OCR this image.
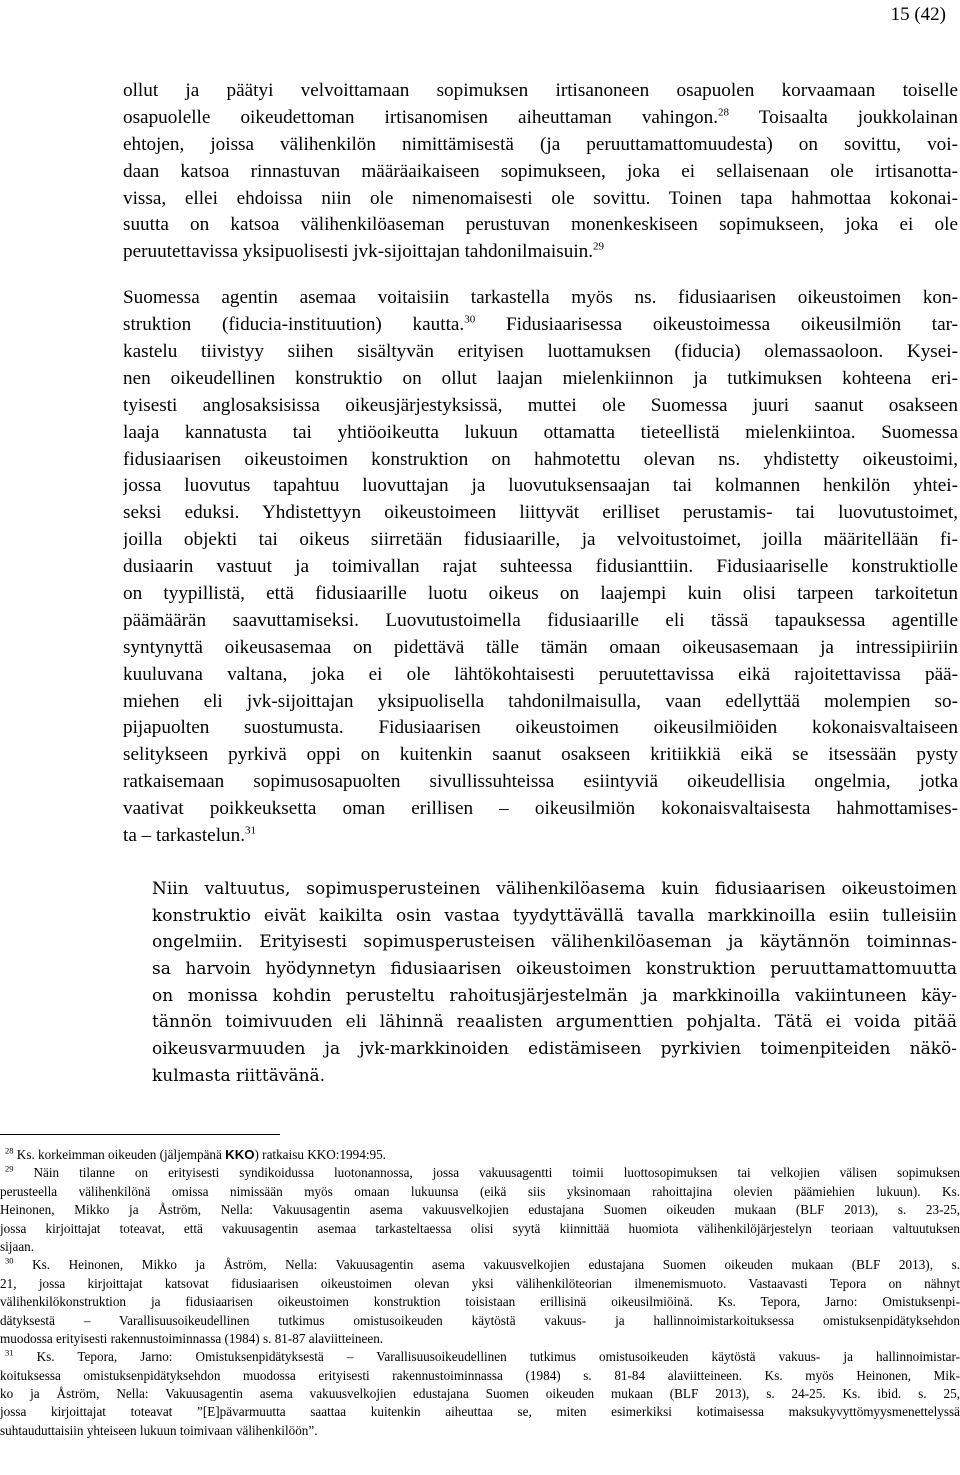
15 (42)
ollut ja päätyi velvoittamaan sopimuksen irtisanoneen osapuolen korvaamaan toiselle
osapuolelle oikeudettoman irtisanomisen aiheuttaman vahingon.$^{28}$ Toisaalta joukkolainan
ehtojen, joissa välihenkilön nimittämisestä (ja peruuttamattomuudesta) on sovittu, voi-
daan katsoa rinnastuvan määräaikaiseen sopimukseen, joka ei sellaisenaan ole irtisanotta-
vissa, ellei ehdoissa niin ole nimenomaisesti ole sovittu. Toinen tapa hahmottaa kokonai-
suutta on katsoa välihenkilöaseman perustuvan monenkeskiseen sopimukseen, joka ei ole
peruutettavissa yksipuolisesti jvk-sijoittajan tahdonilmaisuin.$^{29}$
Suomessa agentin asemaa voitaisiin tarkastella myös ns. fidusiaarisen oikeustoimen kon-
struktion (fiducia-instituution) kautta.$^{30}$ Fidusiaarisessa oikeustoimessa oikeusilmiön tar-
kastelu tiivistyy siihen sisältyvän erityisen luottamuksen (fiducia) olemassaoloon. Kysei-
nen oikeudellinen konstruktio on ollut laajan mielenkiinnon ja tutkimuksen kohteena eri-
tyisesti anglosaksisissa oikeusjärjestyksissä, muttei ole Suomessa juuri saanut osakseen
laaja kannatusta tai yhtiöoikeutta lukuun ottamatta tieteellistä mielenkiintoa. Suomessa
fidusiaarisen oikeustoimen konstruktion on hahmotettu olevan ns. yhdistetty oikeustoimi,
jossa luovutus tapahtuu luovuttajan ja luovutuksensaajan tai kolmannen henkilön yhtei-
seksi eduksi. Yhdistettyyn oikeustoimeen liittyvät erilliset perustamis- tai luovutustoimet,
joilla objekti tai oikeus siirretään fidusiaarille, ja velvoitustoimet, joilla määritellään fi-
dusiaarin vastuut ja toimivallan rajat suhteessa fidusianttiin. Fidusiaariselle konstruktiolle
on tyypillistä, että fidusiaarille luotu oikeus on laajempi kuin olisi tarpeen tarkoitetun
päämäärän saavuttamiseksi. Luovutustoimella fidusiaarille eli tässä tapauksessa agentille
syntynyttä oikeusasemaa on pidettävä tälle tämän omaan oikeusasemaan ja intressipiiriin
kuuluvana valtana, joka ei ole lähtökohtaisesti peruutettavissa eikä rajoitettavissa pää-
miehen eli jvk-sijoittajan yksipuolisella tahdonilmaisulla, vaan edellyttää molempien so-
pijapuolten suostumusta. Fidusiaarisen oikeustoimen oikeusilmiöiden kokonaisvaltaiseen
selitykseen pyrkivä oppi on kuitenkin saanut osakseen kritiikkiä eikä se itsessään pysty
ratkaisemaan sopimusosapuolten sivullissuhteissa esiintyviä oikeudellisia ongelmia, jotka
vaativat poikkeuksetta oman erillisen – oikeusilmiön kokonaisvaltaisesta hahmottamises-
ta – tarkastelun.$^{31}$
Niin valtuutus, sopimusperusteinen välihenkilöasema kuin fidusiaarisen oikeustoimen
konstruktio eivät kaikilta osin vastaa tyydyttävällä tavalla markkinoilla esiin tulleisiin
ongelmiin. Erityisesti sopimusperusteisen välihenkilöaseman ja käytännön toiminnas-
sa harvoin hyödynnetyn fidusiaarisen oikeustoimen konstruktion peruuttamattomuutta
on monissa kohdin perusteltu rahoitusjärjestelmän ja markkinoilla vakiintuneen käy-
tännön toimivuuden eli lähinnä reaalisten argumenttien pohjalta. Tätä ei voida pitää
oikeusvarmuuden ja jvk-markkinoiden edistämiseen pyrkivien toimenpiteiden näkö-
kulmasta riittävänä.
$^{28}$ Ks. korkeimman oikeuden (jäljempänä KKO) ratkaisu KKO:1994:95.
$^{29}$ Näin tilanne on erityisesti syndikoidussa luotonannossa, jossa vakuusagentti toimii luottosopimuksen tai velkojien välisen sopimuksen
perusteella välihenkilönä omissa nimissään myös omaan lukuunsa (eikä siis yksinomaan rahoittajina olevien päämiehien lukuun). Ks.
Heinonen, Mikko ja Åström, Nella: Vakuusagentin asema vakuusvelkojien edustajana Suomen oikeuden mukaan (BLF 2013), s. 23-25,
jossa kirjoittajat toteavat, että vakuusagentin asemaa tarkasteltaessa olisi syytä kiinnittää huomiota välihenkilöjärjestelyn teoriaan valtuutuksen
sijaan.
$^{30}$ Ks. Heinonen, Mikko ja Åström, Nella: Vakuusagentin asema vakuusvelkojien edustajana Suomen oikeuden mukaan (BLF 2013), s.
21, jossa kirjoittajat katsovat fidusiaarisen oikeustoimen olevan yksi välihenkilöteorian ilmenemismuoto. Vastaavasti Tepora on nähnyt
välihenkilökonstruktion ja fidusiaarisen oikeustoimen konstruktion toisistaan erillisinä oikeusilmiöinä. Ks. Tepora, Jarno: Omistuksenpi-
dätyksestä – Varallisuusoikeudellinen tutkimus omistusoikeuden käytöstä vakuus- ja hallinnoimistarkoituksessa omistuksenpidätyksehdon
muodossa erityisesti rakennustoiminnassa (1984) s. 81-87 alaviitteineen.
$^{31}$ Ks. Tepora, Jarno: Omistuksenpidätyksestä – Varallisuusoikeudellinen tutkimus omistusoikeuden käytöstä vakuus- ja hallinnoimistar-
koituksessa omistuksenpidätyksehdon muodossa erityisesti rakennustoiminnassa (1984) s. 81-84 alaviitteineen. Ks. myös Heinonen, Mik-
ko ja Åström, Nella: Vakuusagentin asema vakuusvelkojien edustajana Suomen oikeuden mukaan (BLF 2013), s. 24-25. Ks. ibid. s. 25,
jossa kirjoittajat toteavat ”[E]pävarmuutta saattaa kuitenkin aiheuttaa se, miten esimerkiksi kotimaisessa maksukyvyttömyysmenettelyssä
suhtauduttaisiin yhteiseen lukuun toimivaan välihenkilöön”.
